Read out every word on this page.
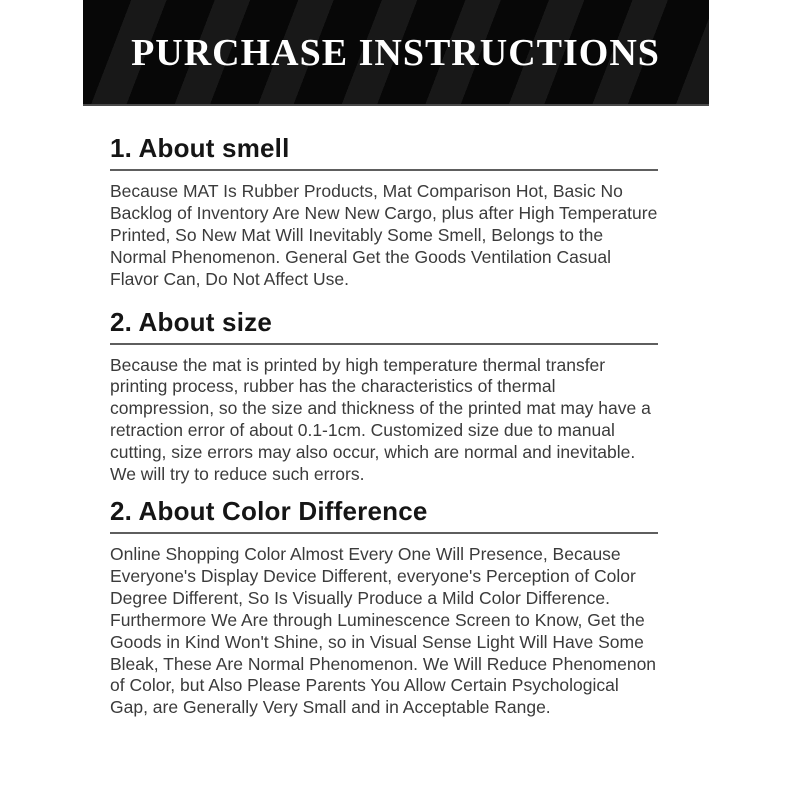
PURCHASE INSTRUCTIONS
1. About smell

Because MAT Is Rubber Products, Mat Comparison Hot, Basic No Backlog of Inventory Are New New Cargo, plus after High Temperature Printed, So New Mat Will Inevitably Some Smell, Belongs to the Normal Phenomenon. General Get the Goods Ventilation Casual Flavor Can, Do Not Affect Use.

2. About size

Because the mat is printed by high temperature thermal transfer printing process, rubber has the characteristics of thermal compression, so the size and thickness of the printed mat may have a retraction error of about 0.1-1cm. Customized size due to manual cutting, size errors may also occur, which are normal and inevitable. We will try to reduce such errors.

2. About Color Difference

Online Shopping Color Almost Every One Will Presence, Because Everyone's Display Device Different, everyone's Perception of Color Degree Different, So Is Visually Produce a Mild Color Difference. Furthermore We Are through Luminescence Screen to Know, Get the Goods in Kind Won't Shine, so in Visual Sense Light Will Have Some Bleak, These Are Normal Phenomenon. We Will Reduce Phenomenon of Color, but Also Please Parents You Allow Certain Psychological Gap, are Generally Very Small and in Acceptable Range.
